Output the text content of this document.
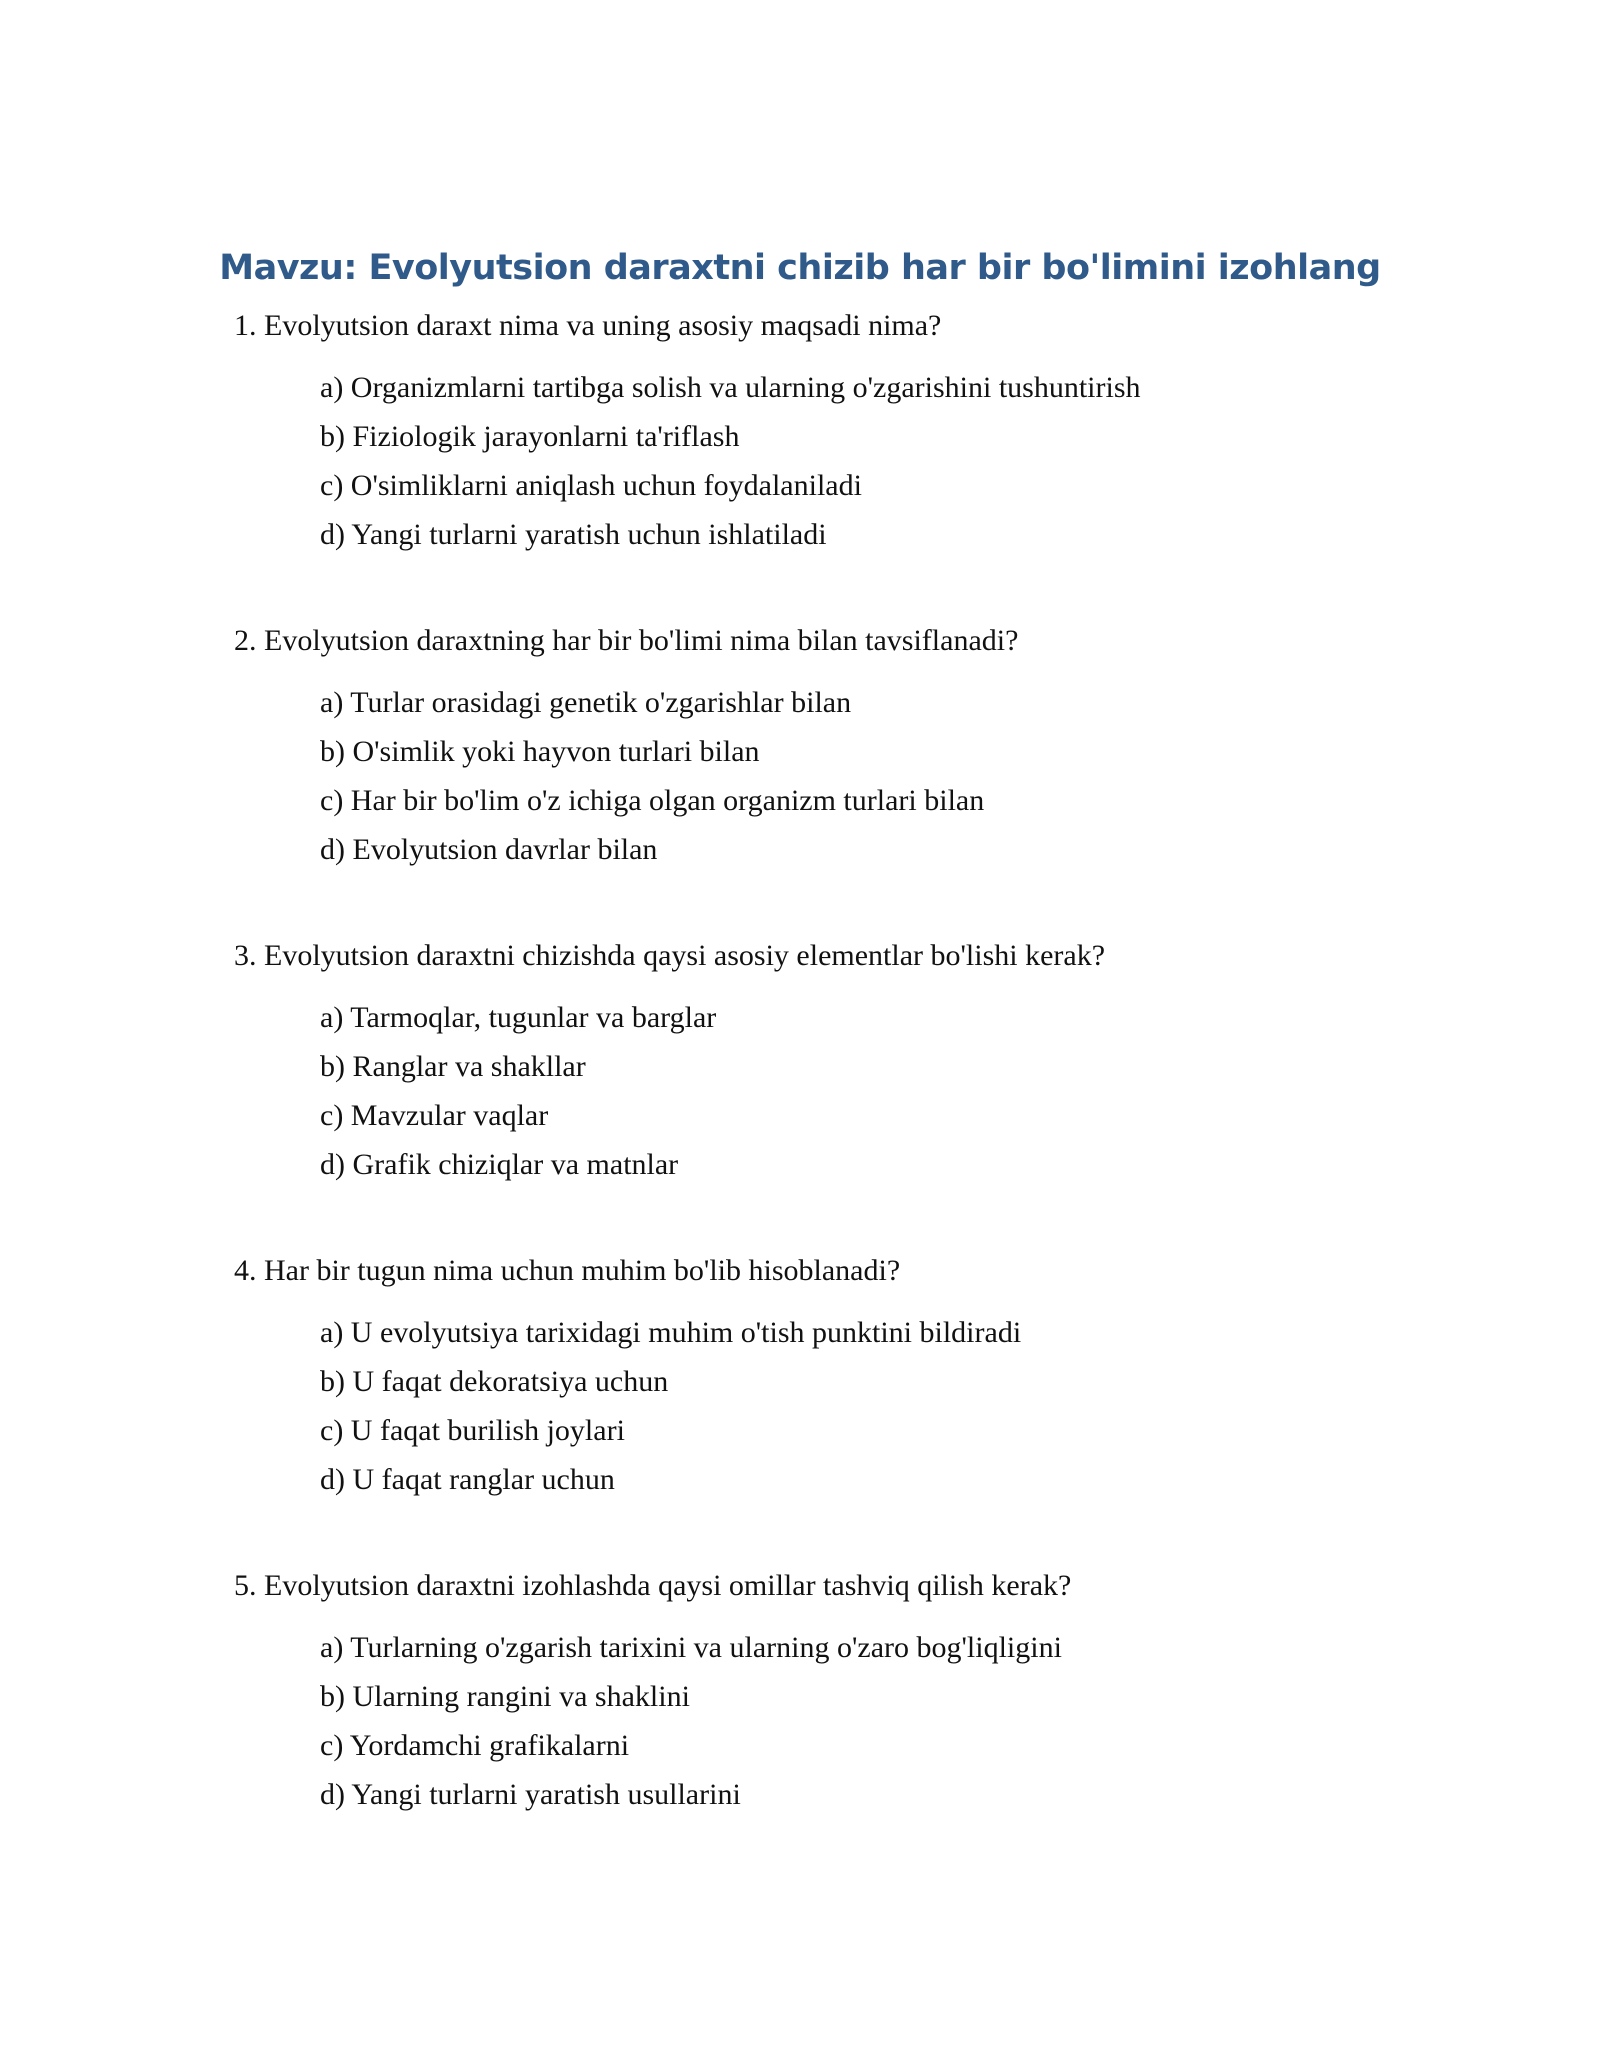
Mavzu: Evolyutsion daraxtni chizib har bir bo'limini izohlang
1. Evolyutsion daraxt nima va uning asosiy maqsadi nima?
a) Organizmlarni tartibga solish va ularning o'zgarishini tushuntirish
b) Fiziologik jarayonlarni ta'riflash
c) O'simliklarni aniqlash uchun foydalaniladi
d) Yangi turlarni yaratish uchun ishlatiladi
2. Evolyutsion daraxtning har bir bo'limi nima bilan tavsiflanadi?
a) Turlar orasidagi genetik o'zgarishlar bilan
b) O'simlik yoki hayvon turlari bilan
c) Har bir bo'lim o'z ichiga olgan organizm turlari bilan
d) Evolyutsion davrlar bilan
3. Evolyutsion daraxtni chizishda qaysi asosiy elementlar bo'lishi kerak?
a) Tarmoqlar, tugunlar va barglar
b) Ranglar va shakllar
c) Mavzular vaqlar
d) Grafik chiziqlar va matnlar
4. Har bir tugun nima uchun muhim bo'lib hisoblanadi?
a) U evolyutsiya tarixidagi muhim o'tish punktini bildiradi
b) U faqat dekoratsiya uchun
c) U faqat burilish joylari
d) U faqat ranglar uchun
5. Evolyutsion daraxtni izohlashda qaysi omillar tashviq qilish kerak?
a) Turlarning o'zgarish tarixini va ularning o'zaro bog'liqligini
b) Ularning rangini va shaklini
c) Yordamchi grafikalarni
d) Yangi turlarni yaratish usullarini
